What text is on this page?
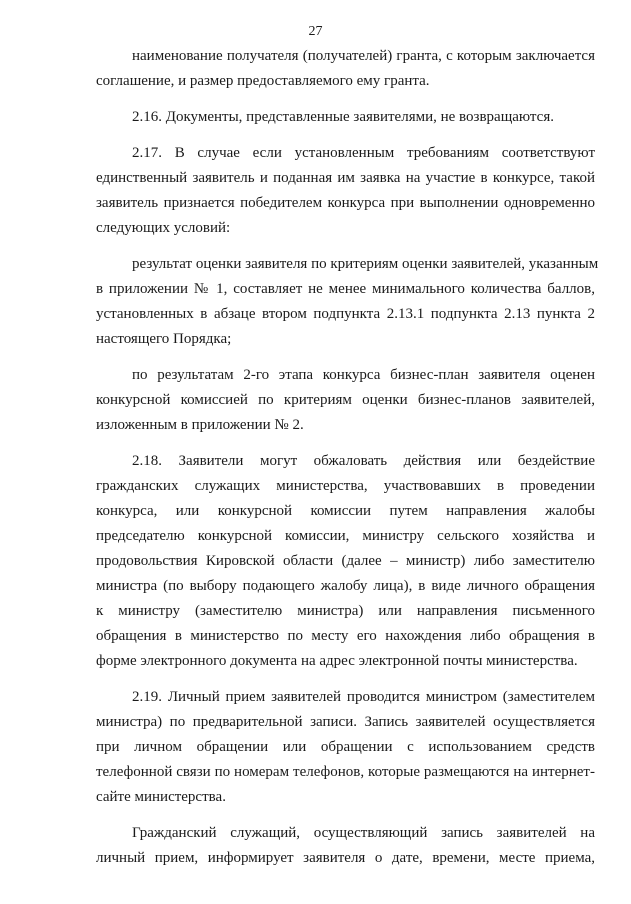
27
наименование получателя (получателей) гранта, с которым заключается
соглашение, и размер предоставляемого ему гранта.
2.16. Документы, представленные заявителями, не возвращаются.
2.17. В случае если установленным требованиям соответствуют
единственный заявитель и поданная им заявка на участие в конкурсе, такой
заявитель признается победителем конкурса при выполнении одновременно
следующих условий:
результат оценки заявителя по критериям оценки заявителей, указанным
в приложении № 1, составляет не менее минимального количества баллов,
установленных в абзаце втором подпункта 2.13.1 подпункта 2.13 пункта 2
настоящего Порядка;
по результатам 2-го этапа конкурса бизнес-план заявителя оценен
конкурсной комиссией по критериям оценки бизнес-планов заявителей,
изложенным в приложении № 2.
2.18. Заявители могут обжаловать действия или бездействие
гражданских служащих министерства, участвовавших в проведении
конкурса, или конкурсной комиссии путем направления жалобы
председателю конкурсной комиссии, министру сельского хозяйства и
продовольствия Кировской области (далее – министр) либо заместителю
министра (по выбору подающего жалобу лица), в виде личного обращения
к министру (заместителю министра) или направления письменного
обращения в министерство по месту его нахождения либо обращения в
форме электронного документа на адрес электронной почты министерства.
2.19. Личный прием заявителей проводится министром (заместителем
министра) по предварительной записи. Запись заявителей осуществляется
при личном обращении или обращении с использованием средств
телефонной связи по номерам телефонов, которые размещаются на интернет-
сайте министерства.
Гражданский служащий, осуществляющий запись заявителей на
личный прием, информирует заявителя о дате, времени, месте приема,
